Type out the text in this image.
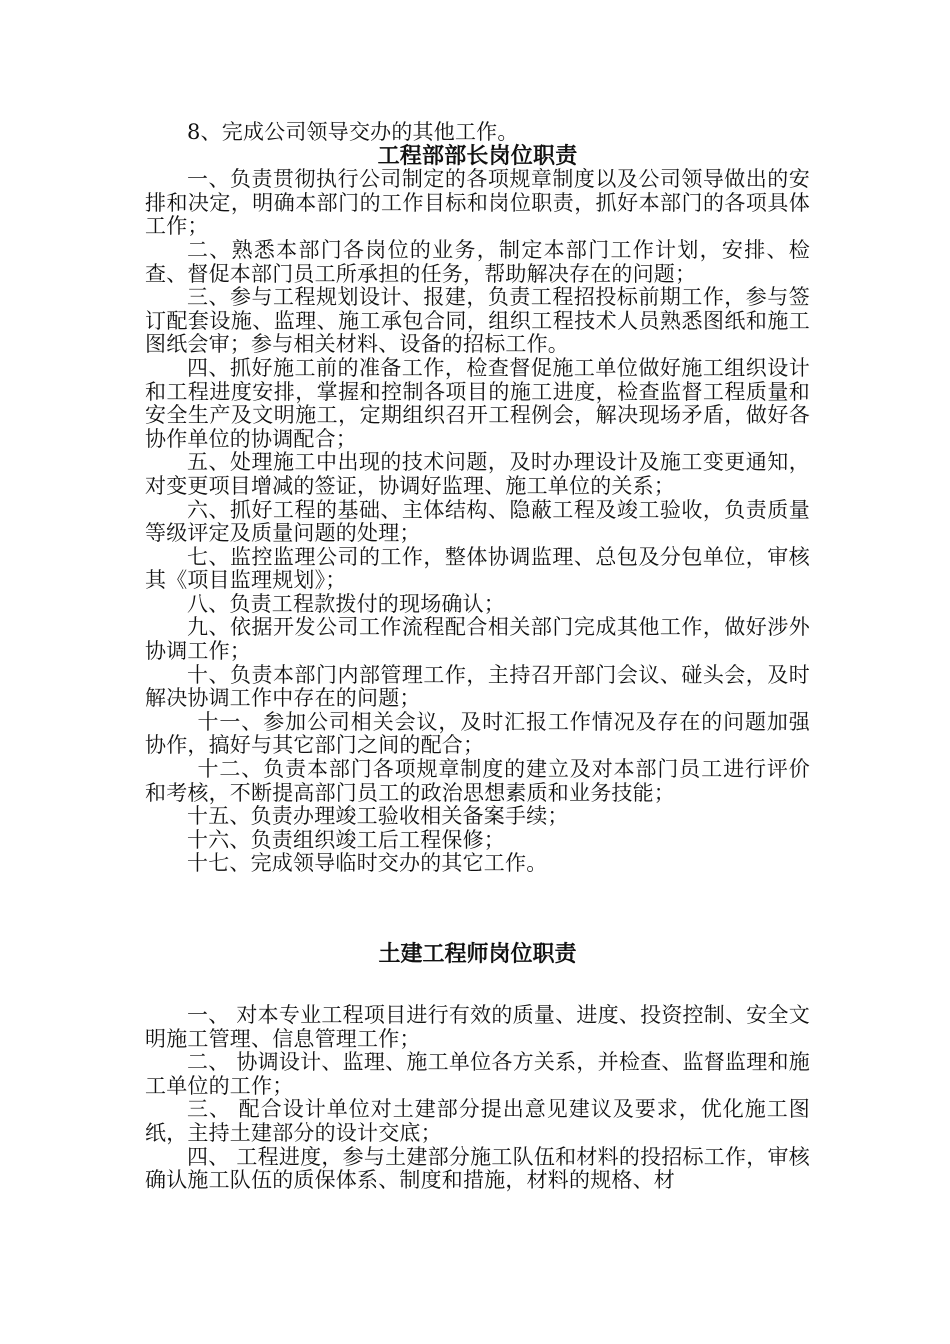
8、完成公司领导交办的其他工作。

工程部部长岗位职责

一、负责贯彻执行公司制定的各项规章制度以及公司领导做出的安排和决定，明确本部门的工作目标和岗位职责，抓好本部门的各项具体工作；

二、熟悉本部门各岗位的业务，制定本部门工作计划，安排、检查、督促本部门员工所承担的任务，帮助解决存在的问题；

三、参与工程规划设计、报建，负责工程招投标前期工作，参与签订配套设施、监理、施工承包合同，组织工程技术人员熟悉图纸和施工图纸会审；参与相关材料、设备的招标工作。

四、抓好施工前的准备工作，检查督促施工单位做好施工组织设计和工程进度安排，掌握和控制各项目的施工进度，检查监督工程质量和安全生产及文明施工，定期组织召开工程例会，解决现场矛盾，做好各协作单位的协调配合；

五、处理施工中出现的技术问题，及时办理设计及施工变更通知，对变更项目增减的签证，协调好监理、施工单位的关系；

六、抓好工程的基础、主体结构、隐蔽工程及竣工验收，负责质量等级评定及质量问题的处理；

七、监控监理公司的工作，整体协调监理、总包及分包单位，审核其《项目监理规划》；

八、负责工程款拨付的现场确认；

九、依据开发公司工作流程配合相关部门完成其他工作，做好涉外协调工作；

十、负责本部门内部管理工作，主持召开部门会议、碰头会，及时解决协调工作中存在的问题；

十一、参加公司相关会议，及时汇报工作情况及存在的问题加强协作，搞好与其它部门之间的配合；

十二、负责本部门各项规章制度的建立及对本部门员工进行评价和考核，不断提高部门员工的政治思想素质和业务技能；

十五、负责办理竣工验收相关备案手续；

十六、负责组织竣工后工程保修；

十七、完成领导临时交办的其它工作。

土建工程师岗位职责

一、 对本专业工程项目进行有效的质量、进度、投资控制、安全文明施工管理、信息管理工作；

二、 协调设计、监理、施工单位各方关系，并检查、监督监理和施工单位的工作；

三、 配合设计单位对土建部分提出意见建议及要求，优化施工图纸，主持土建部分的设计交底；

四、 工程进度，参与土建部分施工队伍和材料的投招标工作，审核确认施工队伍的质保体系、制度和措施，材料的规格、材
